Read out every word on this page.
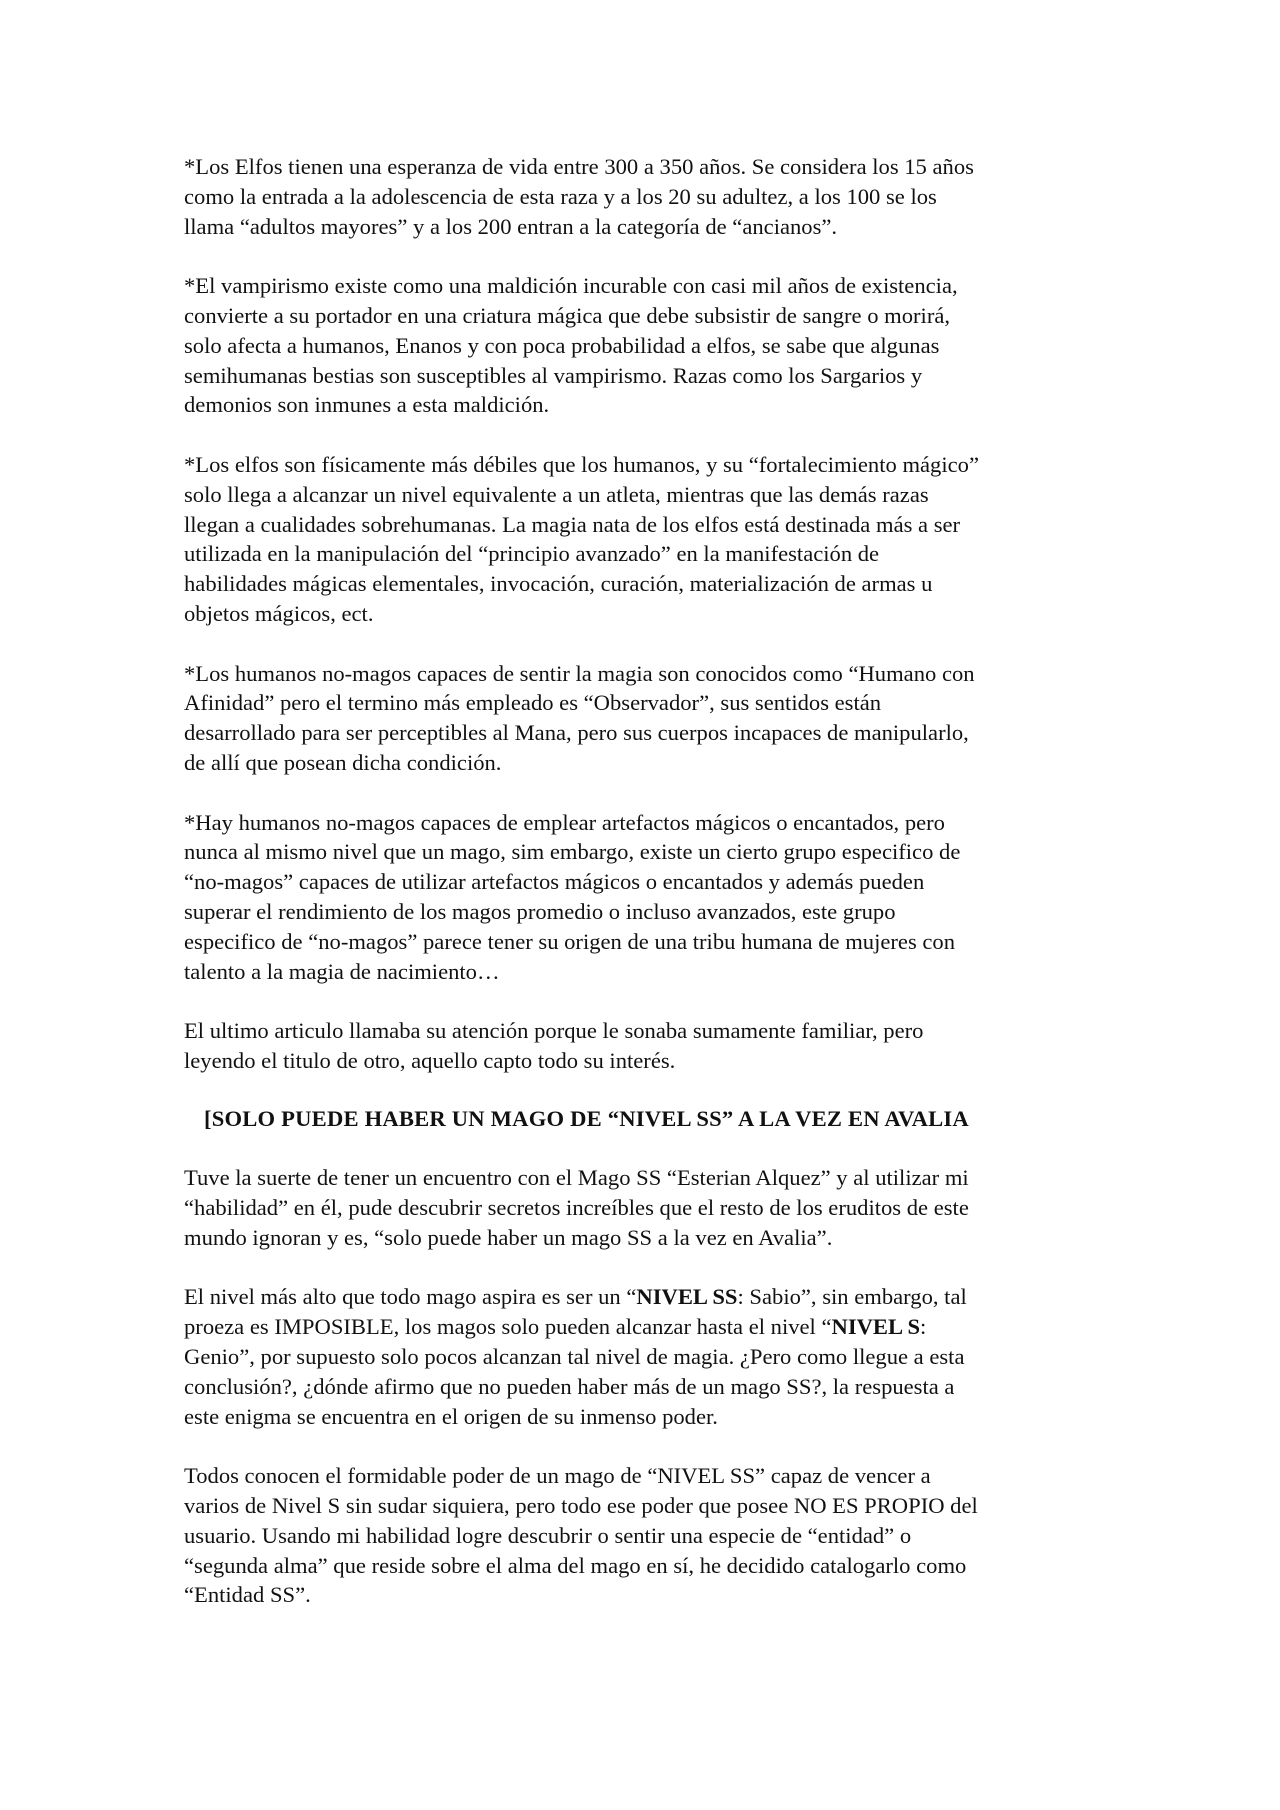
*Los Elfos tienen una esperanza de vida entre 300 a 350 años. Se considera los 15 años
como la entrada a la adolescencia de esta raza y a los 20 su adultez, a los 100 se los
llama “adultos mayores” y a los 200 entran a la categoría de “ancianos”.

*El vampirismo existe como una maldición incurable con casi mil años de existencia,
convierte a su portador en una criatura mágica que debe subsistir de sangre o morirá,
solo afecta a humanos, Enanos y con poca probabilidad a elfos, se sabe que algunas
semihumanas bestias son susceptibles al vampirismo. Razas como los Sargarios y
demonios son inmunes a esta maldición.

*Los elfos son físicamente más débiles que los humanos, y su “fortalecimiento mágico”
solo llega a alcanzar un nivel equivalente a un atleta, mientras que las demás razas
llegan a cualidades sobrehumanas. La magia nata de los elfos está destinada más a ser
utilizada en la manipulación del “principio avanzado” en la manifestación de
habilidades mágicas elementales, invocación, curación, materialización de armas u
objetos mágicos, ect.

*Los humanos no-magos capaces de sentir la magia son conocidos como “Humano con
Afinidad” pero el termino más empleado es “Observador”, sus sentidos están
desarrollado para ser perceptibles al Mana, pero sus cuerpos incapaces de manipularlo,
de allí que posean dicha condición.

*Hay humanos no-magos capaces de emplear artefactos mágicos o encantados, pero
nunca al mismo nivel que un mago, sim embargo, existe un cierto grupo especifico de
“no-magos” capaces de utilizar artefactos mágicos o encantados y además pueden
superar el rendimiento de los magos promedio o incluso avanzados, este grupo
especifico de “no-magos” parece tener su origen de una tribu humana de mujeres con
talento a la magia de nacimiento…

El ultimo articulo llamaba su atención porque le sonaba sumamente familiar, pero
leyendo el titulo de otro, aquello capto todo su interés.

[SOLO PUEDE HABER UN MAGO DE “NIVEL SS” A LA VEZ EN AVALIA

Tuve la suerte de tener un encuentro con el Mago SS “Esterian Alquez” y al utilizar mi
“habilidad” en él, pude descubrir secretos increíbles que el resto de los eruditos de este
mundo ignoran y es, “solo puede haber un mago SS a la vez en Avalia”.

El nivel más alto que todo mago aspira es ser un “NIVEL SS: Sabio”, sin embargo, tal
proeza es IMPOSIBLE, los magos solo pueden alcanzar hasta el nivel “NIVEL S:
Genio”, por supuesto solo pocos alcanzan tal nivel de magia. ¿Pero como llegue a esta
conclusión?, ¿dónde afirmo que no pueden haber más de un mago SS?, la respuesta a
este enigma se encuentra en el origen de su inmenso poder.

Todos conocen el formidable poder de un mago de “NIVEL SS” capaz de vencer a
varios de Nivel S sin sudar siquiera, pero todo ese poder que posee NO ES PROPIO del
usuario. Usando mi habilidad logre descubrir o sentir una especie de “entidad” o
“segunda alma” que reside sobre el alma del mago en sí, he decidido catalogarlo como
“Entidad SS”.
